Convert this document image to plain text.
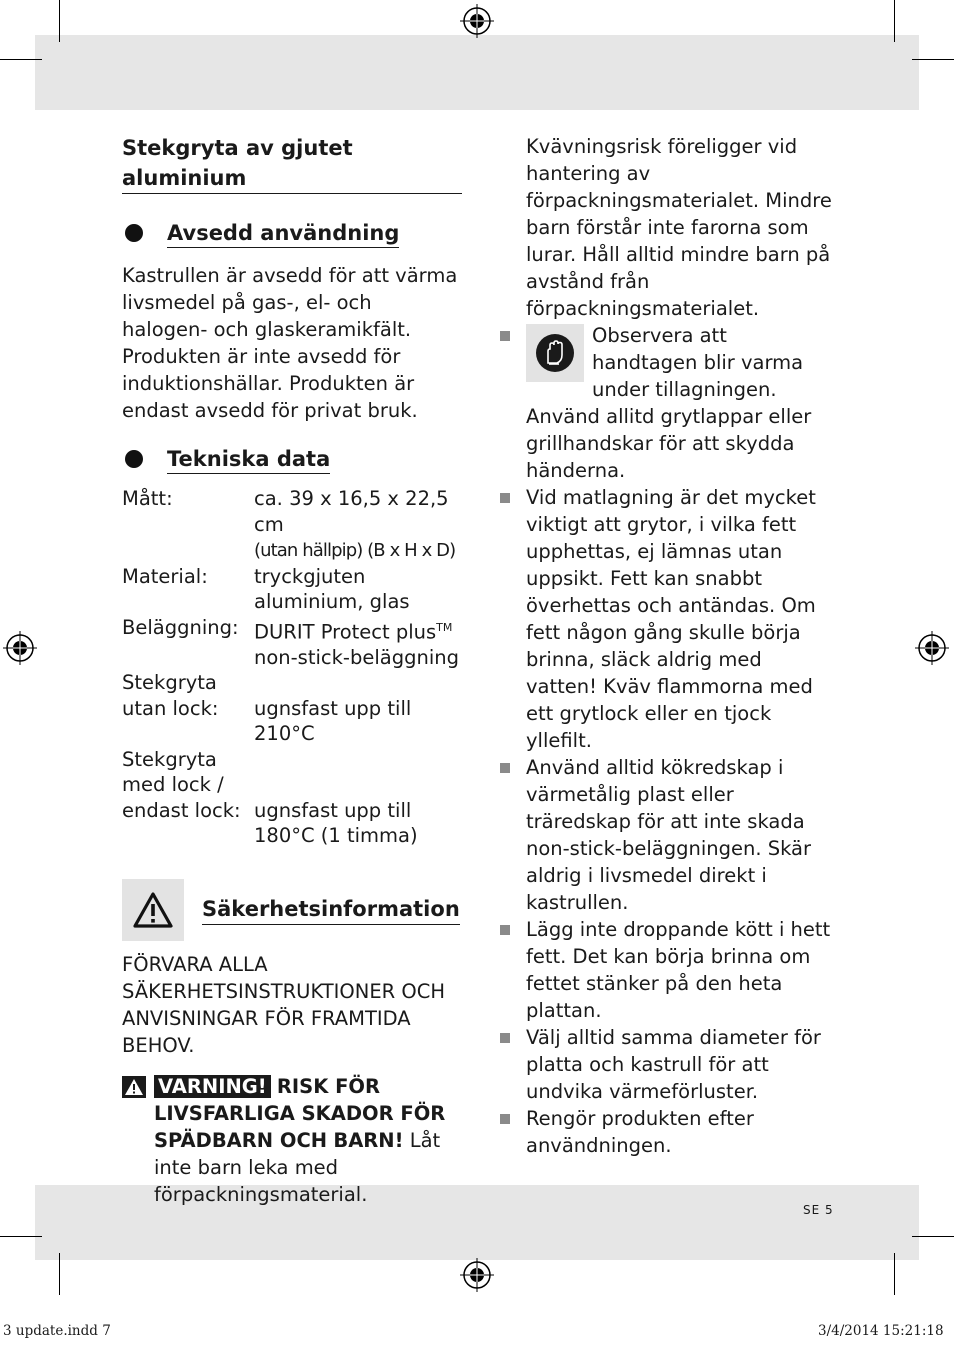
Stekgryta av gjutet aluminium
Avsedd användning

Kastrullen är avsedd för att värma livsmedel på gas-, el- och halogen- och glaskeramikfält. Produkten är inte avsedd för induktionshällar. Produkten är endast avsedd för privat bruk.

Tekniska data
Mått:	ca. 39 x 16,5 x 22,5 cm
(utan hällpip) (B x H x D)
Material:	tryckgjuten
aluminium, glas
Beläggning:	DURIT Protect plus™
non-stick-beläggning
Stekgryta
utan lock:	ugnsfast upp till 210°C
Stekgryta
med lock /
endast lock:	ugnsfast upp till
180°C (1 timma)
Säkerhetsinformation

FÖRVARA ALLA SÄKERHETSINSTRUKTIONER OCH ANVISNINGAR FÖR FRAMTIDA BEHOV.

VARNING! RISK FÖR LIVSFARLIGA SKADOR FÖR SPÄDBARN OCH BARN! Låt inte barn leka med förpackningsmaterial.

Kvävningsrisk föreligger vid hantering av förpackningsmaterialet. Mindre barn förstår inte farorna som lurar. Håll alltid mindre barn på avstånd från förpackningsmaterialet.

Observera att handtagen blir varma under tillagningen. Använd allitd grytlappar eller grillhandskar för att skydda händerna.

Vid matlagning är det mycket viktigt att grytor, i vilka fett upphettas, ej lämnas utan uppsikt. Fett kan snabbt överhettas och antändas. Om fett någon gång skulle börja brinna, släck aldrig med vatten! Kväv flammorna med ett grytlock eller en tjock yllefilt.

Använd alltid kökredskap i värmetålig plast eller träredskap för att inte skada non-stick-beläggningen. Skär aldrig i livsmedel direkt i kastrullen.

Lägg inte droppande kött i hett fett. Det kan börja brinna om fettet stänker på den heta plattan.

Välj alltid samma diameter för platta och kastrull för att undvika värmeförluster.

Rengör produkten efter användningen.

SE 5
3 update.indd 7	3/4/2014 15:21:18
